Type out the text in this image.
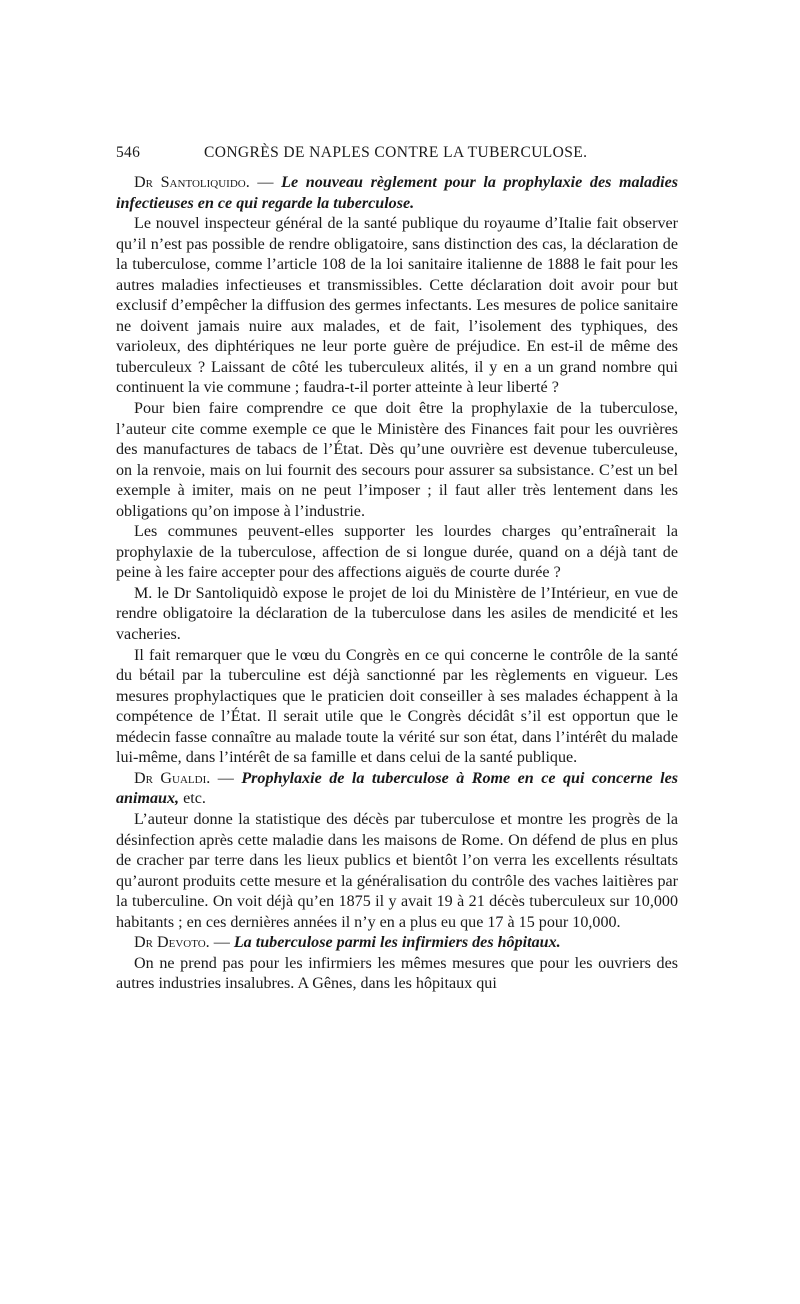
546	CONGRÈS DE NAPLES CONTRE LA TUBERCULOSE.

Dr Santoliquido. — Le nouveau règlement pour la prophylaxie des maladies infectieuses en ce qui regarde la tuberculose.

Le nouvel inspecteur général de la santé publique du royaume d’Italie fait observer qu’il n’est pas possible de rendre obligatoire, sans distinction des cas, la déclaration de la tuberculose, comme l’article 108 de la loi sanitaire italienne de 1888 le fait pour les autres maladies infectieuses et transmissibles. Cette déclaration doit avoir pour but exclusif d’empêcher la diffusion des germes infectants. Les mesures de police sanitaire ne doivent jamais nuire aux malades, et de fait, l’isolement des typhiques, des varioleux, des diphtériques ne leur porte guère de préjudice. En est-il de même des tuberculeux ? Laissant de côté les tuberculeux alités, il y en a un grand nombre qui continuent la vie commune ; faudra-t-il porter atteinte à leur liberté ?

Pour bien faire comprendre ce que doit être la prophylaxie de la tuberculose, l’auteur cite comme exemple ce que le Ministère des Finances fait pour les ouvrières des manufactures de tabacs de l’État. Dès qu’une ouvrière est devenue tuberculeuse, on la renvoie, mais on lui fournit des secours pour assurer sa subsistance. C’est un bel exemple à imiter, mais on ne peut l’imposer ; il faut aller très lentement dans les obligations qu’on impose à l’industrie.

Les communes peuvent-elles supporter les lourdes charges qu’entraînerait la prophylaxie de la tuberculose, affection de si longue durée, quand on a déjà tant de peine à les faire accepter pour des affections aiguës de courte durée ?

M. le Dr Santoliquidò expose le projet de loi du Ministère de l’Intérieur, en vue de rendre obligatoire la déclaration de la tuberculose dans les asiles de mendicité et les vacheries.

Il fait remarquer que le vœu du Congrès en ce qui concerne le contrôle de la santé du bétail par la tuberculine est déjà sanctionné par les règlements en vigueur. Les mesures prophylactiques que le praticien doit conseiller à ses malades échappent à la compétence de l’État. Il serait utile que le Congrès décidât s’il est opportun que le médecin fasse connaître au malade toute la vérité sur son état, dans l’intérêt du malade lui-même, dans l’intérêt de sa famille et dans celui de la santé publique.

Dr Gualdi. — Prophylaxie de la tuberculose à Rome en ce qui concerne les animaux, etc.

L’auteur donne la statistique des décès par tuberculose et montre les progrès de la désinfection après cette maladie dans les maisons de Rome. On défend de plus en plus de cracher par terre dans les lieux publics et bientôt l’on verra les excellents résultats qu’auront produits cette mesure et la généralisation du contrôle des vaches laitières par la tuberculine. On voit déjà qu’en 1875 il y avait 19 à 21 décès tuberculeux sur 10,000 habitants ; en ces dernières années il n’y en a plus eu que 17 à 15 pour 10,000.

Dr Devoto. — La tuberculose parmi les infirmiers des hôpitaux.

On ne prend pas pour les infirmiers les mêmes mesures que pour les ouvriers des autres industries insalubres. A Gênes, dans les hôpitaux qui
